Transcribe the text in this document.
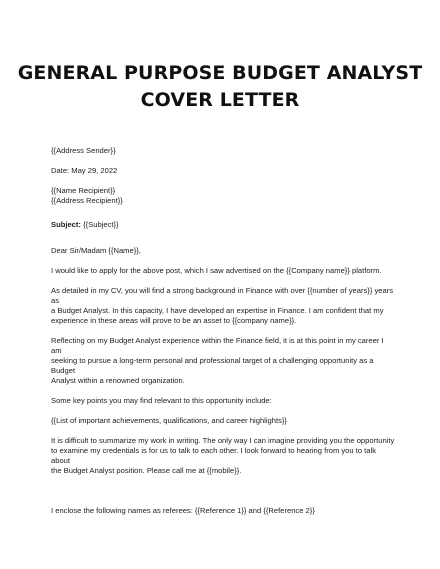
GENERAL PURPOSE BUDGET ANALYST
COVER LETTER

{{Address Sender}}

Date: May 29, 2022

{{Name Recipient}}

{{Address Recipient}}

Subject: {{Subject}}

Dear Sir/Madam {{Name}},

I would like to apply for the above post, which I saw advertised on the {{Company name}} platform.

As detailed in my CV, you will find a strong background in Finance with over {{number of years}} years as

a Budget Analyst. In this capacity, I have developed an expertise in Finance. I am confident that my

experience in these areas will prove to be an asset to {{company name}}.

Reflecting on my Budget Analyst experience within the Finance field, it is at this point in my career I am

seeking to pursue a long-term personal and professional target of a challenging opportunity as a Budget

Analyst within a renowned organization.

Some key points you may find relevant to this opportunity include:

{{List of important achievements, qualifications, and career highlights}}

It is difficult to summarize my work in writing. The only way I can imagine providing you the opportunity

to examine my credentials is for us to talk to each other. I look forward to hearing from you to talk about

the Budget Analyst position. Please call me at {{mobile}}.

I enclose the following names as referees: {{Reference 1}} and {{Reference 2}}
